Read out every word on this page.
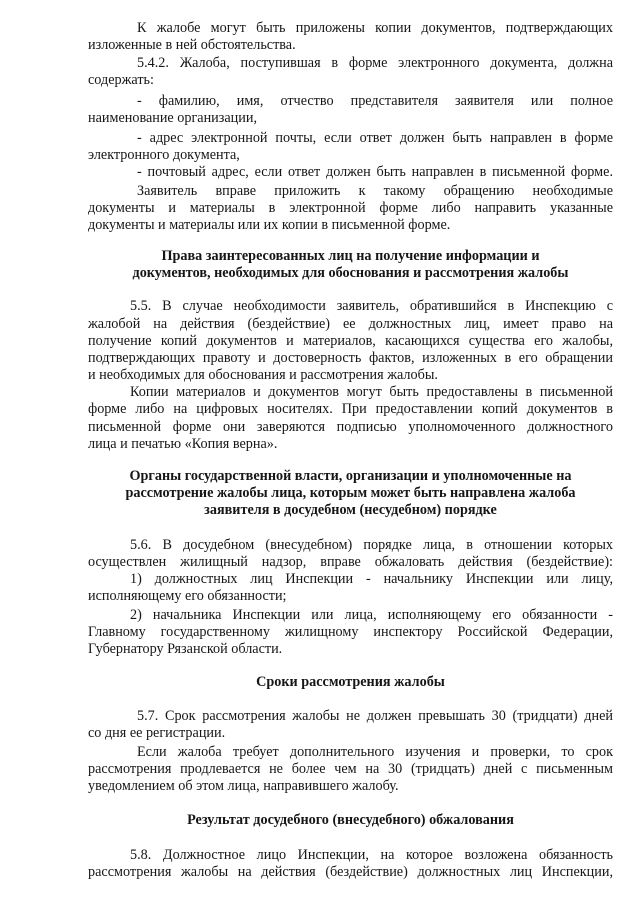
К жалобе могут быть приложены копии документов, подтверждающих
изложенные в ней обстоятельства.
5.4.2. Жалоба, поступившая в форме электронного документа, должна
содержать:
- фамилию, имя, отчество представителя заявителя или полное
наименование организации,
- адрес электронной почты, если ответ должен быть направлен в форме
электронного документа,
- почтовый адрес, если ответ должен быть направлен в письменной форме.
Заявитель вправе приложить к такому обращению необходимые
документы и материалы в электронной форме либо направить указанные
документы и материалы или их копии в письменной форме.
Права заинтересованных лиц на получение информации и
документов, необходимых для обоснования и рассмотрения жалобы
5.5. В случае необходимости заявитель, обратившийся в Инспекцию с
жалобой на действия (бездействие) ее должностных лиц, имеет право на
получение копий документов и материалов, касающихся существа его жалобы,
подтверждающих правоту и достоверность фактов, изложенных в его обращении
и необходимых для обоснования и рассмотрения жалобы.
Копии материалов и документов могут быть предоставлены в письменной
форме либо на цифровых носителях. При предоставлении копий документов в
письменной форме они заверяются подписью уполномоченного должностного
лица и печатью «Копия верна».
Органы государственной власти, организации и уполномоченные на
рассмотрение жалобы лица, которым может быть направлена жалоба
заявителя в досудебном (несудебном) порядке
5.6. В досудебном (внесудебном) порядке лица, в отношении которых
осуществлен жилищный надзор, вправе обжаловать действия (бездействие):
1) должностных лиц Инспекции - начальнику Инспекции или лицу,
исполняющему его обязанности;
2) начальника Инспекции или лица, исполняющему его обязанности -
Главному государственному жилищному инспектору Российской Федерации,
Губернатору Рязанской области.
Сроки рассмотрения жалобы
5.7. Срок рассмотрения жалобы не должен превышать 30 (тридцати) дней
со дня ее регистрации.
Если жалоба требует дополнительного изучения и проверки, то срок
рассмотрения продлевается не более чем на 30 (тридцать) дней с письменным
уведомлением об этом лица, направившего жалобу.
Результат досудебного (внесудебного) обжалования
5.8. Должностное лицо Инспекции, на которое возложена обязанность
рассмотрения жалобы на действия (бездействие) должностных лиц Инспекции,
